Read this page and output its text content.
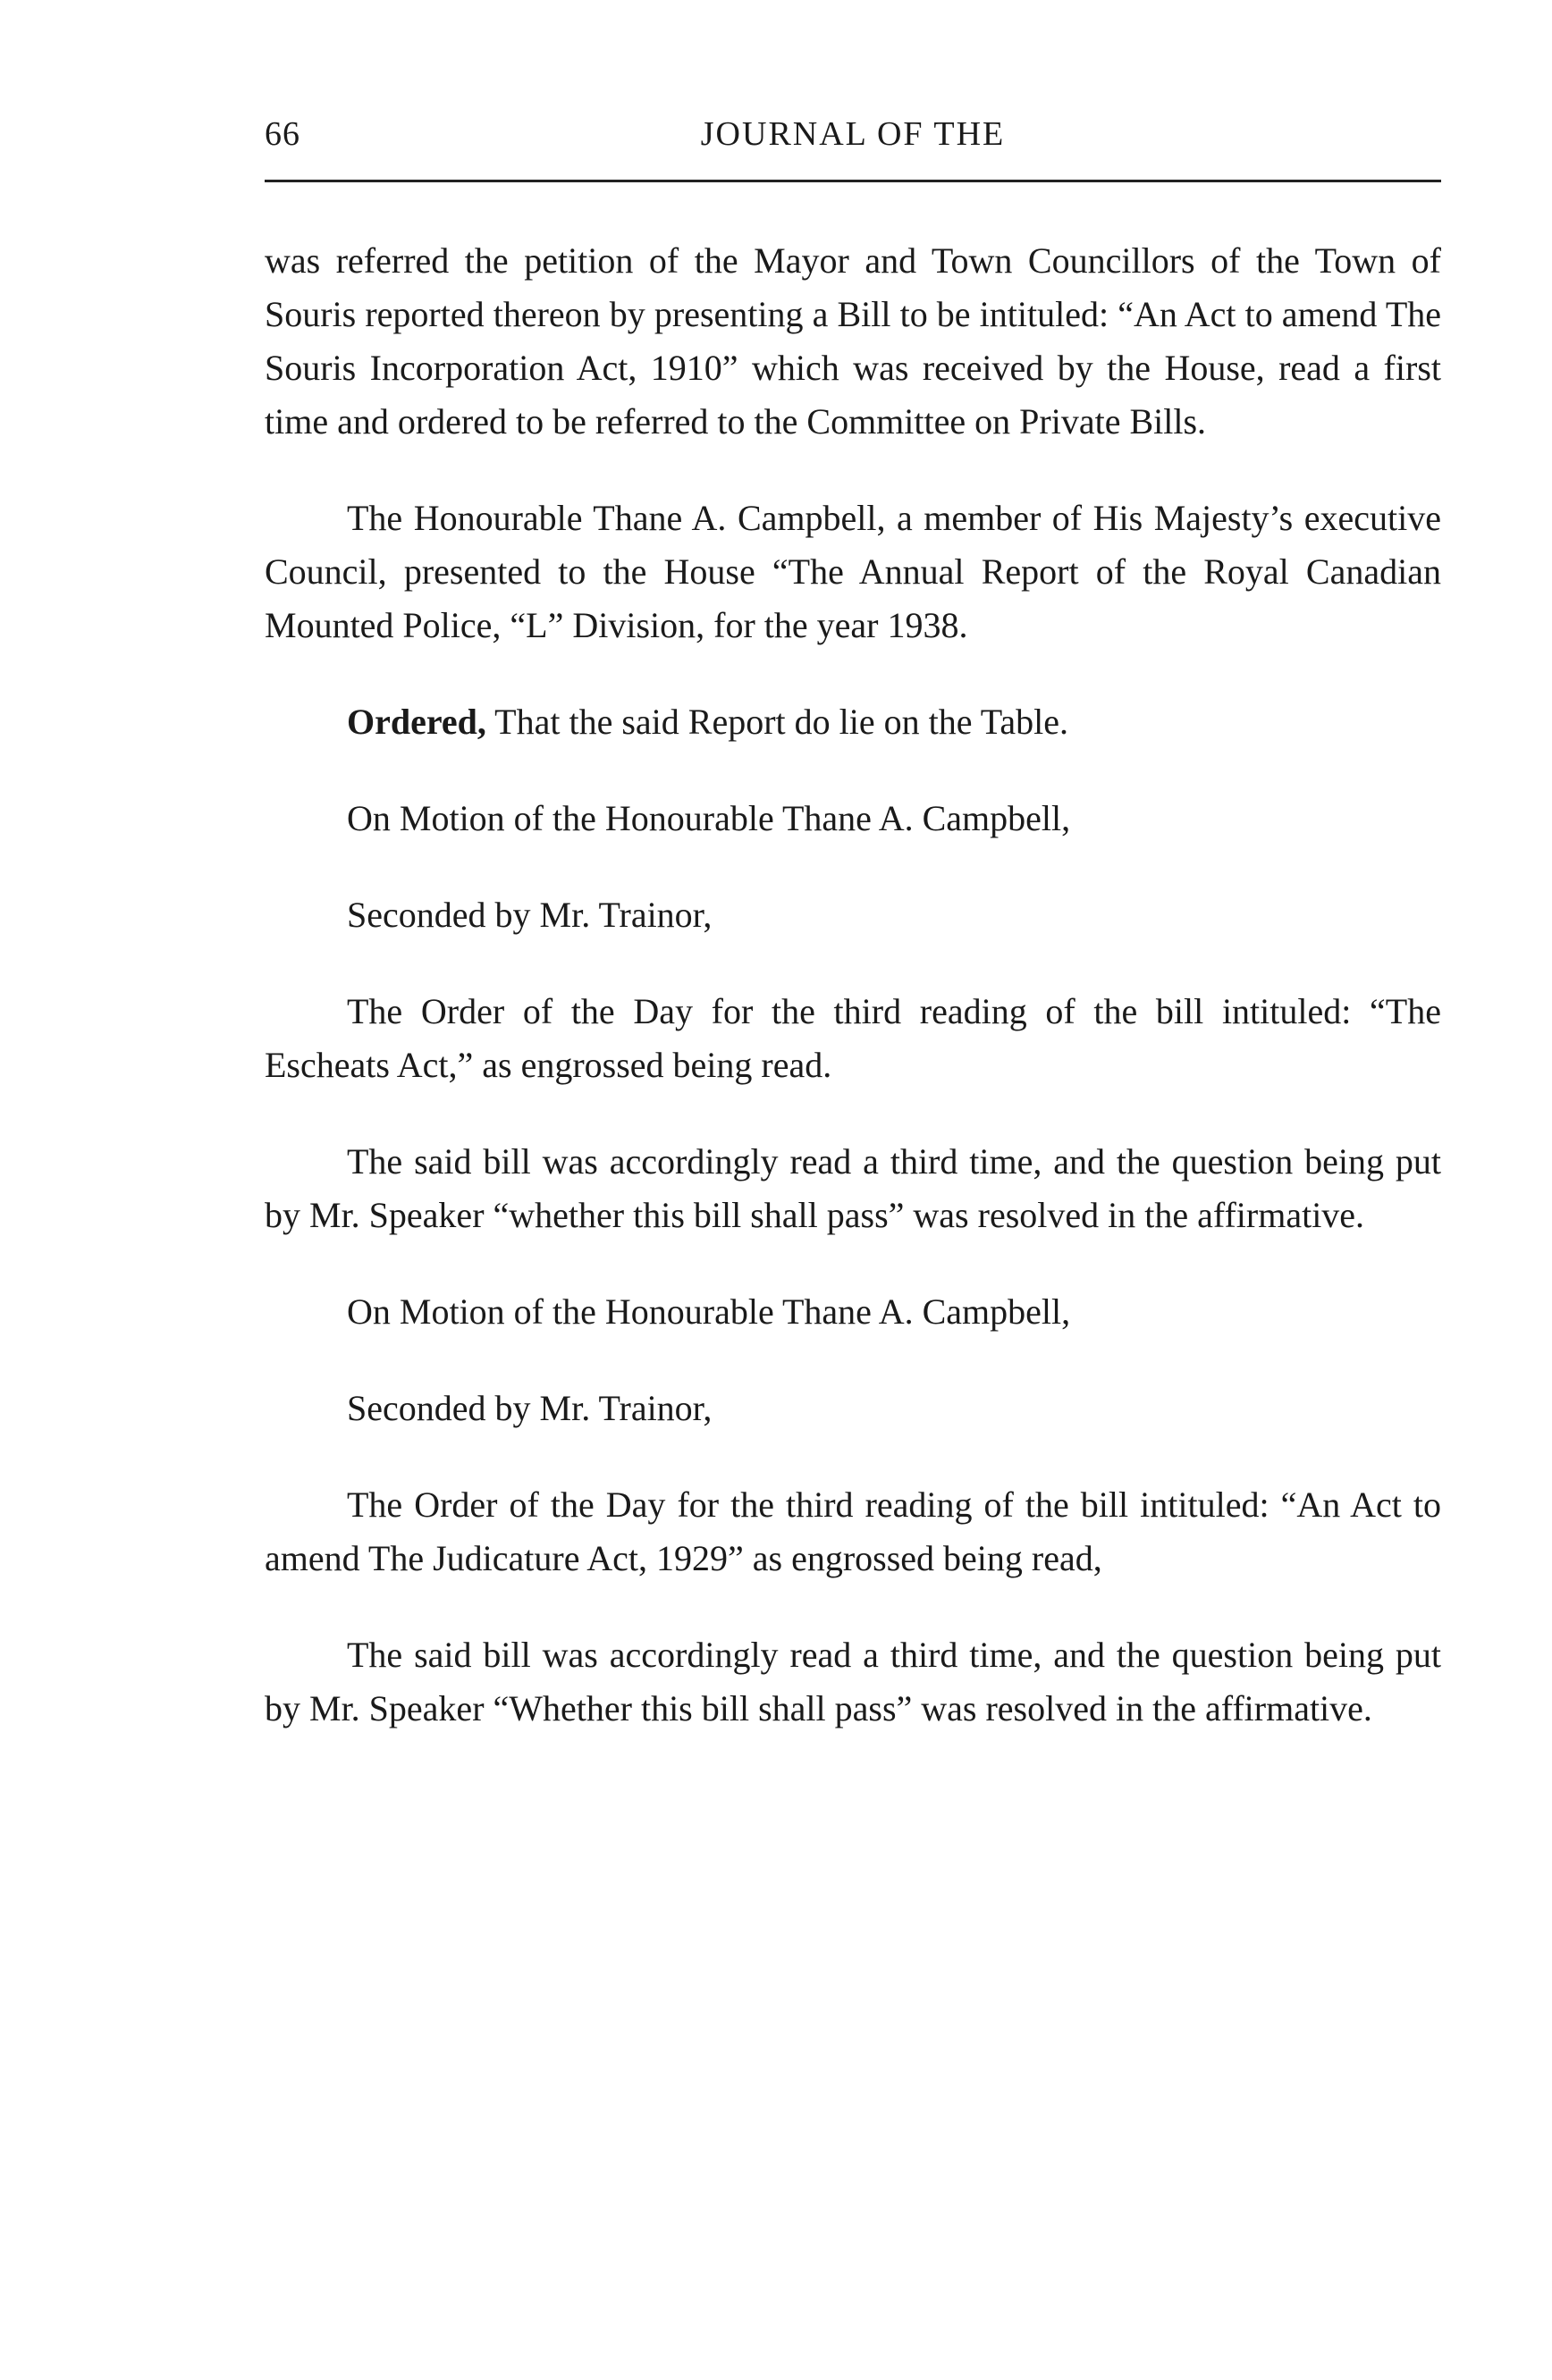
66	JOURNAL OF THE

was referred the petition of the Mayor and Town Councillors of the Town of Souris reported thereon by presenting a Bill to be intituled: “An Act to amend The Souris Incorporation Act, 1910” which was received by the House, read a first time and ordered to be referred to the Committee on Private Bills.

The Honourable Thane A. Campbell, a member of His Majesty’s executive Council, presented to the House “The Annual Report of the Royal Canadian Mounted Police, “L” Division, for the year 1938.

Ordered, That the said Report do lie on the Table.

On Motion of the Honourable Thane A. Campbell,

Seconded by Mr. Trainor,

The Order of the Day for the third reading of the bill intituled: “The Escheats Act,” as engrossed being read.

The said bill was accordingly read a third time, and the question being put by Mr. Speaker “whether this bill shall pass” was resolved in the affirmative.

On Motion of the Honourable Thane A. Campbell,

Seconded by Mr. Trainor,

The Order of the Day for the third reading of the bill intituled: “An Act to amend The Judicature Act, 1929” as engrossed being read,

The said bill was accordingly read a third time, and the question being put by Mr. Speaker “Whether this bill shall pass” was resolved in the affirmative.
